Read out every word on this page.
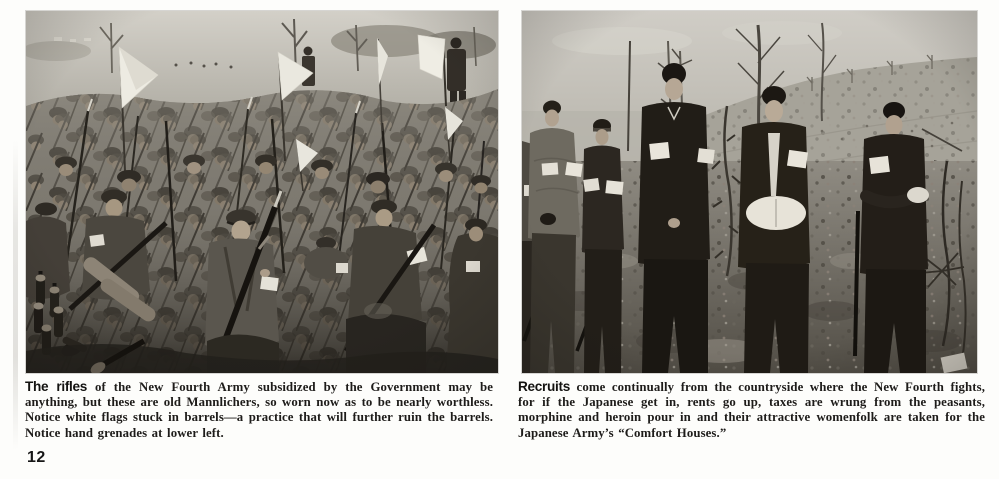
The rifles of the New Fourth Army subsidized by the Government may be anything, but these are old Mannlichers, so worn now as to be nearly worthless. Notice white flags stuck in barrels—a practice that will further ruin the barrels. Notice hand grenades at lower left.

Recruits come continually from the countryside where the New Fourth fights, for if the Japanese get in, rents go up, taxes are wrung from the peasants, morphine and heroin pour in and their attractive womenfolk are taken for the Japanese Army’s “Comfort Houses.”

12
